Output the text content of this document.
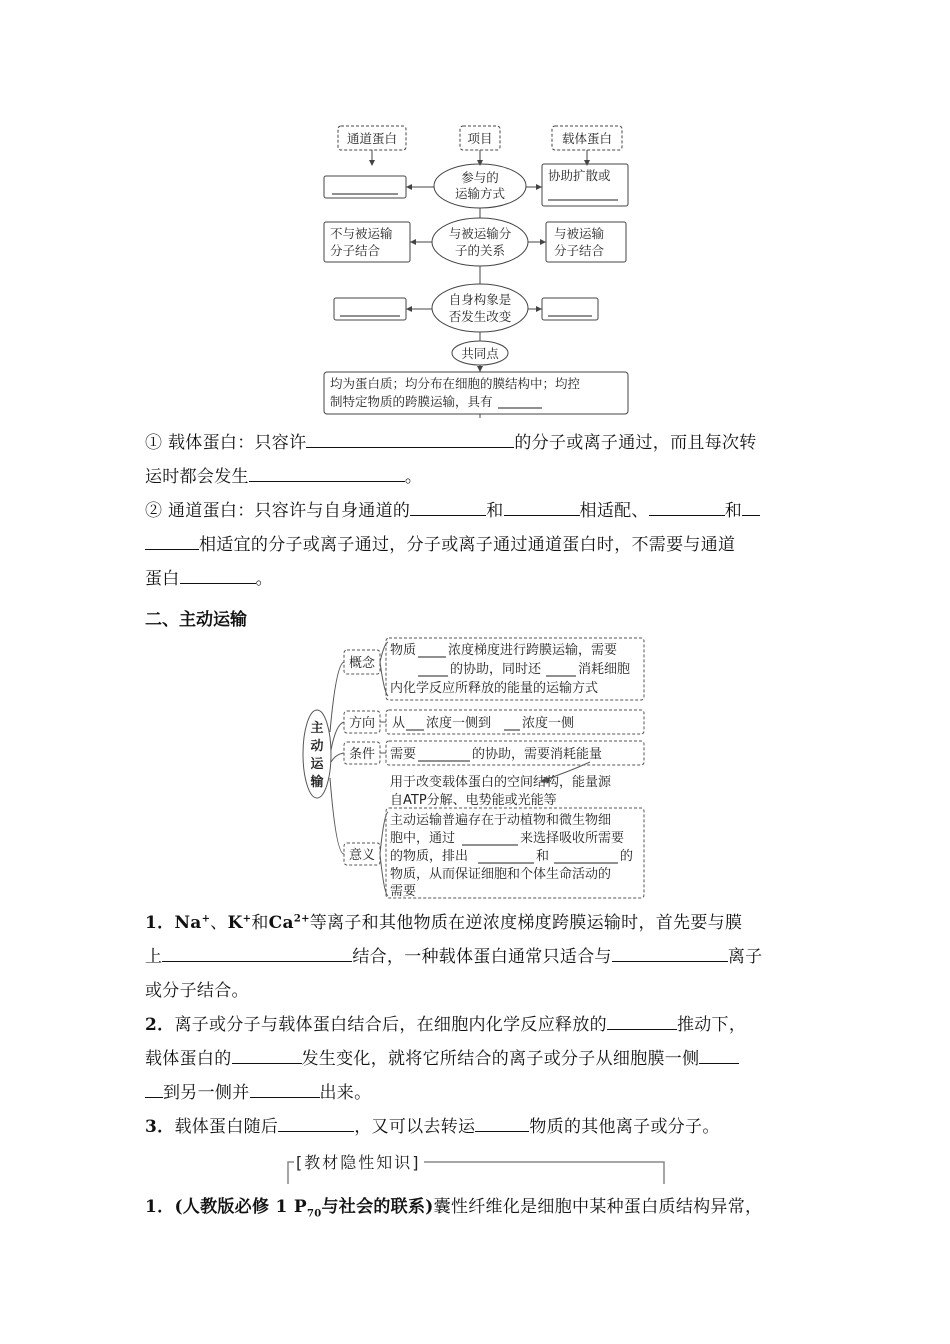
通道蛋白	项目	载体蛋白
参与的
运输方式
协助扩散或
与被运输分
子的关系
不与被运输
分子结合
与被运输
分子结合
自身构象是
否发生改变
共同点
均为蛋白质；均分布在细胞的膜结构中；均控
制特定物质的跨膜运输，具有
① 载体蛋白：只容许	的分子或离子通过，而且每次转
运时都会发生	。
② 通道蛋白：只容许与自身通道的	和	相适配、	和
相适宜的分子或离子通过，分子或离子通过通道蛋白时，不需要与通道
蛋白	。
二、主动运输
主
动
运
输
概念
物质 浓度梯度进行跨膜运输，需要
的协助，同时还	消耗细胞
内化学反应所释放的能量的运输方式
方向 从 浓度一侧到 浓度一侧
条件 需要	的协助，需要消耗能量
用于改变载体蛋白的空间结构，能量源
自ATP分解、电势能或光能等
意义
主动运输普遍存在于动植物和微生物细
胞中，通过	来选择吸收所需要
的物质，排出	和	的
物质，从而保证细胞和个体生命活动的
需要
1．Na+、K+和$Ca^{2+}$等离子和其他物质在逆浓度梯度跨膜运输时，首先要与膜
上	结合，一种载体蛋白通常只适合与	离子
或分子结合。
2．离子或分子与载体蛋白结合后，在细胞内化学反应释放的	推动下，
载体蛋白的	发生变化，就将它所结合的离子或分子从细胞膜一侧
到另一侧并	出来。
3．载体蛋白随后	，又可以去转运	物质的其他离子或分子。
[教材隐性知识]
1．(人教版必修 1 $P_{70}$与社会的联系)囊性纤维化是细胞中某种蛋白质结构异常，
